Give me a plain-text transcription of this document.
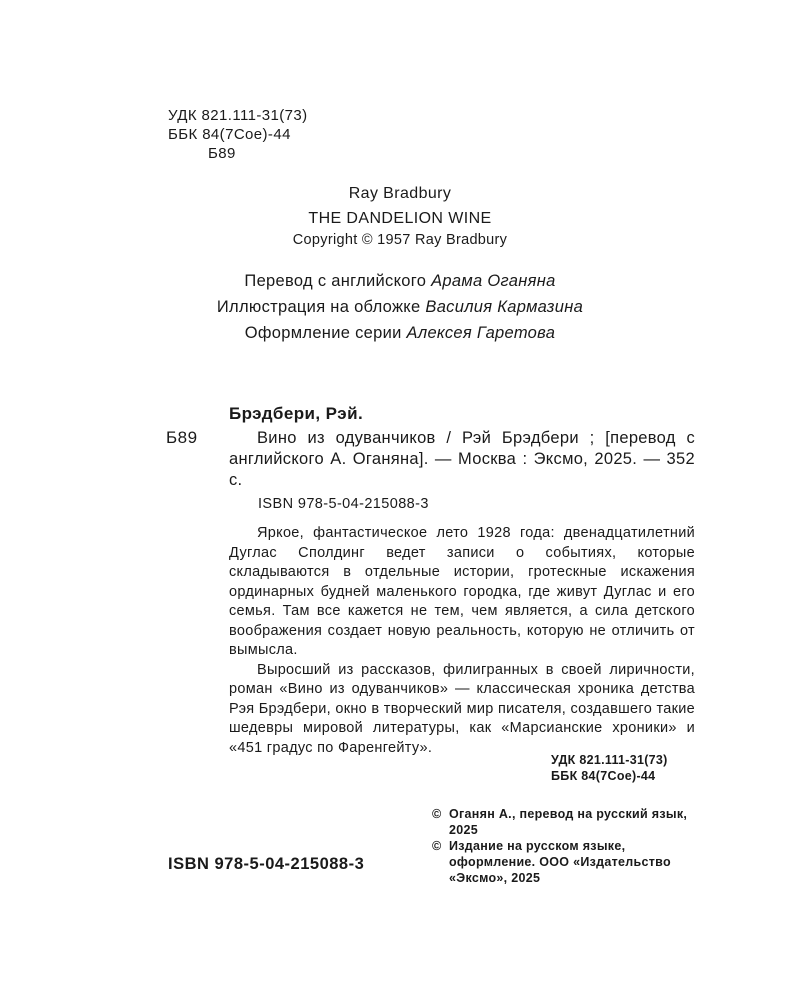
УДК 821.111-31(73)
ББК 84(7Сое)-44
Б89
Ray Bradbury
THE DANDELION WINE
Copyright © 1957 Ray Bradbury
Перевод с английского Арама Оганяна
Иллюстрация на обложке Василия Кармазина
Оформление серии Алексея Гаретова
Брэдбери, Рэй.
Б89	Вино из одуванчиков / Рэй Брэдбери ; [перевод с английского А. Оганяна]. — Москва : Эксмо, 2025. — 352 с.
ISBN 978-5-04-215088-3

Яркое, фантастическое лето 1928 года: двенадцатилетний Дуглас Сполдинг ведет записи о событиях, которые складываются в отдельные истории, гротескные искажения ординарных будней маленького городка, где живут Дуглас и его семья. Там все кажется не тем, чем является, а сила детского воображения создает новую реальность, которую не отличить от вымысла.

Выросший из рассказов, филигранных в своей лиричности, роман «Вино из одуванчиков» — классическая хроника детства Рэя Брэдбери, окно в творческий мир писателя, создавшего такие шедевры мировой литературы, как «Марсианские хроники» и «451 градус по Фаренгейту».

УДК 821.111-31(73)
ББК 84(7Сое)-44
ISBN 978-5-04-215088-3
© Оганян А., перевод на русский язык, 2025
© Издание на русском языке, оформление. ООО «Издательство «Эксмо», 2025
